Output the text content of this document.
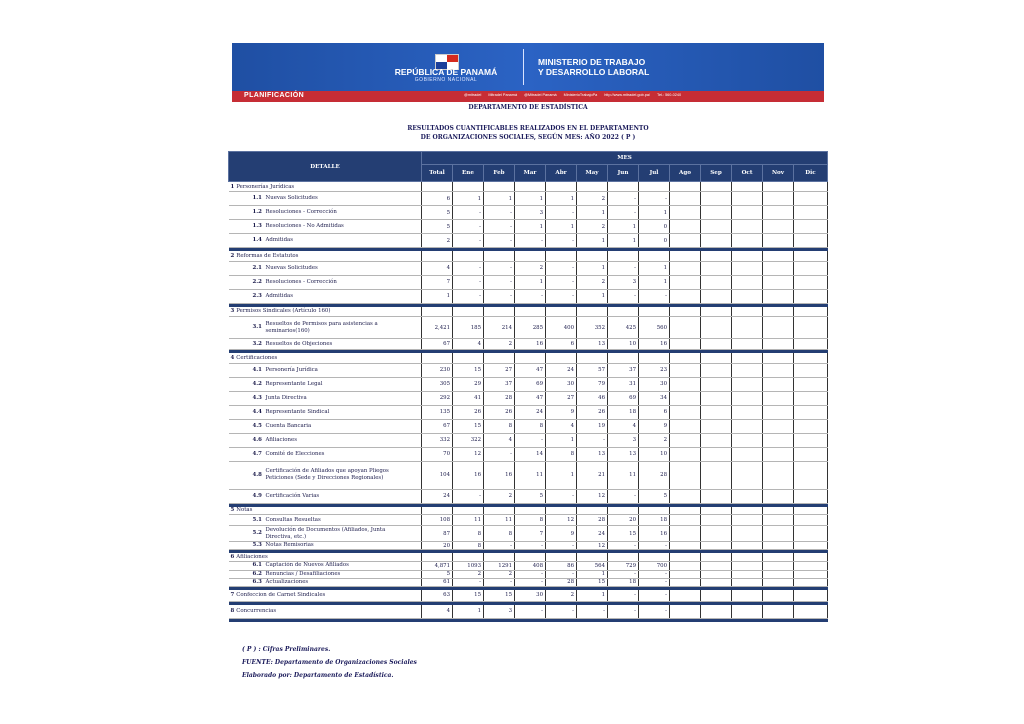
REPÚBLICA DE PANAMÁ
GOBIERNO NACIONAL
MINISTERIO DE TRABAJO
Y DESARROLLO LABORAL
PLANIFICACIÓN	@mitradel Mitradel Panamá @Mitradel Panamá MinisterioTrabajoPa http://www.mitradel.gob.pa/ Tel.: 560-0240
DEPARTAMENTO DE ESTADÍSTICA
RESULTADOS CUANTIFICABLES REALIZADOS EN EL DEPARTAMENTO
DE ORGANIZACIONES SOCIALES, SEGÚN MES: AÑO 2022 ( P )
DETALLE	MES												
	Total	Ene	Feb	Mar	Abr	May	Jun	Jul	Ago	Sep	Oct	Nov	Dic
1 Personerías Jurídicas													

1.1 Nuevas Solicitudes	6	1	1	1	1	2	-	-					

1.2 Resoluciones - Corrección	5	-	-	3	-	1	-	1					

1.3 Resoluciones - No Admitidas	5	-	-	1	1	2	1	0					

1.4 Admitidas	2	-	-	-	-	1	1	0					

2 Reformas de Estatutos													

2.1 Nuevas Solicitudes	4	-	-	2	-	1	-	1					

2.2 Resoluciones - Corrección	7	-	-	1	-	2	3	1					

2.3 Admitidas	1	-	-	-	-	1	-	-					

3 Permisos Sindicales (Artículo 160)													

3.1
Resueltos de Permisos para asistencias a seminarios(160)	2,421	185	214	285	400	352	425	560					

3.2 Resueltos de Objeciones	67	4	2	16	6	13	10	16					

4 Certificaciones													

4.1 Personería Jurídica	230	15	27	47	24	57	37	23					

4.2 Representante Legal	305	29	37	69	30	79	31	30					

4.3 Junta Directiva	292	41	28	47	27	46	69	34					

4.4 Representante Sindical	135	26	26	24	9	26	18	6					

4.5 Cuenta Bancaria	67	15	8	8	4	19	4	9					

4.6 Afiliaciones	332	322	4	-	1	-	3	2					

4.7 Comité de Elecciones	70	12	-	14	8	13	13	10					

4.8
Certificación de Afiliados que apoyan Pliegos Peticiones (Sede y Direcciones Regionales)	104	16	16	11	1	21	11	28					

4.9 Certificación Varias	24	-	2	5	-	12	-	5					

5 Notas													

5.1 Consultas Resueltas	108	11	11	8	12	28	20	18					

5.2
Devolución de Documentos (Afiliados, Junta Directiva, etc.)	87	8	8	7	9	24	15	16					

5.3 Notas Remisorias	20	8	-	-	-	12	-	-					

6 Afiliaciones													

6.1 Captación de Nuevos Afiliados	4,871	1093	1291	408	86	564	729	700					

6.2 Renuncias / Desafiliaciones	5	2	2	-	-	1	-	-					

6.3 Actualizaciones	61	-	-	-	28	15	18	-					

7 Confeccion de Carnet Sindicales	63	15	15	30	2	1	-	-					

8 Concurrencias	4	1	3	-	-	-	-	-					

( P ) : Cifras Preliminares.
FUENTE: Departamento de Organizaciones Sociales
Elaborado por: Departamento de Estadística.
